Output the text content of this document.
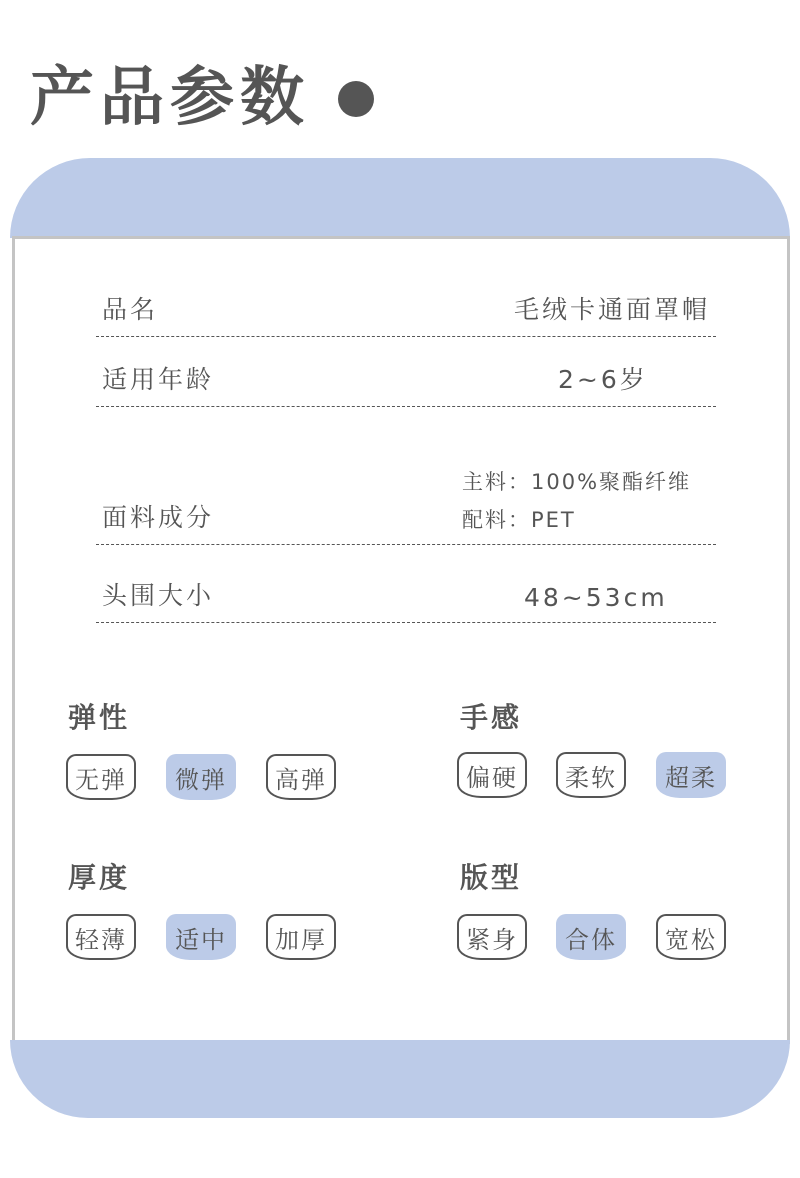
产品参数
品名	毛绒卡通面罩帽
适用年龄	2~6岁
面料成分
主料：100%聚酯纤维
配料：PET
头围大小	48~53cm
弹性
无弹	微弹	高弹
手感
偏硬	柔软	超柔
厚度
轻薄	适中	加厚
版型
紧身	合体	宽松
